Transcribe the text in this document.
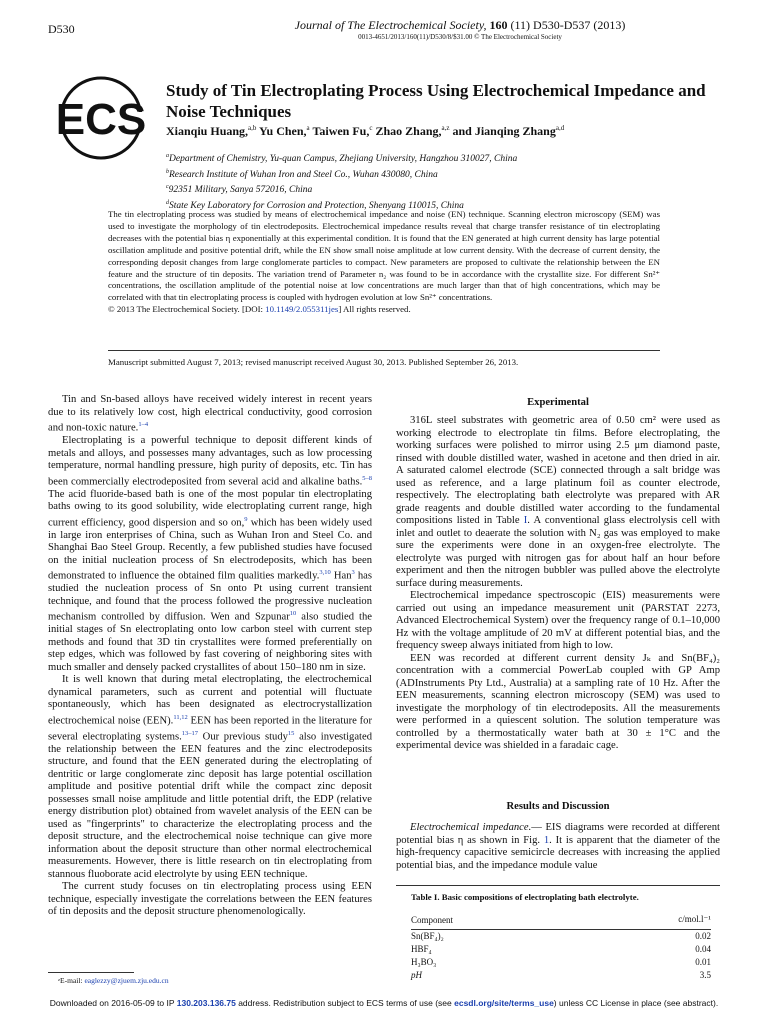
D530	Journal of The Electrochemical Society, 160 (11) D530-D537 (2013)
0013-4651/2013/160(11)/D530/8/$31.00 © The Electrochemical Society
ECS
Study of Tin Electroplating Process Using Electrochemical Impedance and Noise Techniques
Xianqiu Huang,$^{a,b}$ Yu Chen,$^a$ Taiwen Fu,$^c$ Zhao Zhang,$^{a,z}$ and Jianqing Zhang$^{a,d}$
$^a$Department of Chemistry, Yu-quan Campus, Zhejiang University, Hangzhou 310027, China
$^b$Research Institute of Wuhan Iron and Steel Co., Wuhan 430080, China
$^c$92351 Military, Sanya 572016, China
$^d$State Key Laboratory for Corrosion and Protection, Shenyang 110015, China
The tin electroplating process was studied by means of electrochemical impedance and noise (EN) technique. Scanning electron microscopy (SEM) was used to investigate the morphology of tin electrodeposits. Electrochemical impedance results reveal that charge transfer resistance of tin electroplating decreases with the potential bias η exponentially at this experimental condition. It is found that the EN generated at high current density has large potential oscillation amplitude and positive potential drift, while the EN show small noise amplitude at low current density. With the decrease of current density, the corresponding deposit changes from large conglomerate particles to compact. New parameters are proposed to cultivate the relationship between the EN feature and the structure of tin deposits. The variation trend of Parameter n₂ was found to be in accordance with the crystallite size. For different Sn²⁺ concentrations, the oscillation amplitude of the potential noise at low concentrations are much larger than that of high concentrations, which may be correlated with that tin electroplating process is coupled with hydrogen evolution at low Sn²⁺ concentrations.
© 2013 The Electrochemical Society. [DOI: 10.1149/2.055311jes] All rights reserved.
Manuscript submitted August 7, 2013; revised manuscript received August 30, 2013. Published September 26, 2013.

Tin and Sn-based alloys have received widely interest in recent years due to its relatively low cost, high electrical conductivity, good corrosion and non-toxic nature.$^{1-4}$

Electroplating is a powerful technique to deposit different kinds of metals and alloys, and possesses many advantages, such as low processing temperature, normal handling pressure, high purity of deposits, etc. Tin has been commercially electrodeposited from several acid and alkaline baths.$^{5-8}$ The acid fluoride-based bath is one of the most popular tin electroplating baths owing to its good solubility, wide electroplating current range, high current efficiency, good dispersion and so on,$^9$ which has been widely used in large iron enterprises of China, such as Wuhan Iron and Steel Co. and Shanghai Bao Steel Group. Recently, a few published studies have focused on the initial nucleation process of Sn electrodeposits, which has been demonstrated to influence the obtained film qualities markedly.$^{3,10}$ Han$^3$ has studied the nucleation process of Sn onto Pt using current transient technique, and found that the process followed the progressive nucleation mechanism controlled by diffusion. Wen and Szpunar$^{10}$ also studied the initial stages of Sn electroplating onto low carbon steel with current step methods and found that 3D tin crystallites were formed preferentially on step edges, which was followed by fast covering of neighboring sites with much smaller and densely packed crystallites of about 150–180 nm in size.

It is well known that during metal electroplating, the electrochemical dynamical parameters, such as current and potential will fluctuate spontaneously, which has been designated as electrocrystallization electrochemical noise (EEN).$^{11,12}$ EEN has been reported in the literature for several electroplating systems.$^{13-17}$ Our previous study$^{15}$ also investigated the relationship between the EEN features and the zinc electrodeposits structure, and found that the EEN generated during the electroplating of dentritic or large conglomerate zinc deposit has large potential oscillation amplitude and positive potential drift while the compact zinc deposit possesses small noise amplitude and little potential drift, the EDP (relative energy distribution plot) obtained from wavelet analysis of the EEN can be used as "fingerprints" to characterize the electroplating process and the deposit structure, and the electrochemical noise technique can give more information about the deposit structure than other normal electrochemical measurements. However, there is little research on tin electroplating from stannous fluoborate acid electrolyte by using EEN technique.

The current study focuses on tin electroplating process using EEN technique, especially investigate the correlations between the EEN features of tin deposits and the deposit structure phenomenologically.

ᶻE-mail: eaglezzy@zjuem.zju.edu.cn
Experimental

316L steel substrates with geometric area of 0.50 cm² were used as working electrode to electroplate tin films. Before electroplating, the working surfaces were polished to mirror using 2.5 μm diamond paste, rinsed with double distilled water, washed in acetone and then dried in air. A saturated calomel electrode (SCE) connected through a salt bridge was used as reference, and a large platinum foil as counter electrode, respectively. The electroplating bath electrolyte was prepared with AR grade reagents and double distilled water according to the fundamental compositions listed in Table I. A conventional glass electrolysis cell with inlet and outlet to deaerate the solution with N₂ gas was employed to make sure the experiments were done in an oxygen-free electrolyte. The electrolyte was purged with nitrogen gas for about half an hour before experiment and then the nitrogen bubbler was pulled above the electrolyte surface during measurements.

Electrochemical impedance spectroscopic (EIS) measurements were carried out using an impedance measurement unit (PARSTAT 2273, Advanced Electrochemical System) over the frequency range of 0.1–10,000 Hz with the voltage amplitude of 20 mV at different potential bias, and the frequency sweep always initiated from high to low.

EEN was recorded at different current density Jₖ and Sn(BF₄)₂ concentration with a commercial PowerLab coupled with GP Amp (ADInstruments Pty Ltd., Australia) at a sampling rate of 10 Hz. After the EEN measurements, scanning electron microscopy (SEM) was used to investigate the morphology of tin electrodeposits. All the measurements were performed in a quiescent solution. The solution temperature was controlled by a thermostatically water bath at 30 ± 1°C and the experimental device was shielded in a faradaic cage.

Results and Discussion

Electrochemical impedance.— EIS diagrams were recorded at different potential bias η as shown in Fig. 1. It is apparent that the diameter of the high-frequency capacitive semicircle decreases with increasing the applied potential bias, and the impedance module value

Table I. Basic compositions of electroplating bath electrolyte.
Component	c/mol.l⁻¹
Sn(BF₄)₂	0.02
HBF₄	0.04
H₃BO₃	0.01
pH	3.5
Downloaded on 2016-05-09 to IP 130.203.136.75 address. Redistribution subject to ECS terms of use (see ecsdl.org/site/terms_use) unless CC License in place (see abstract).
